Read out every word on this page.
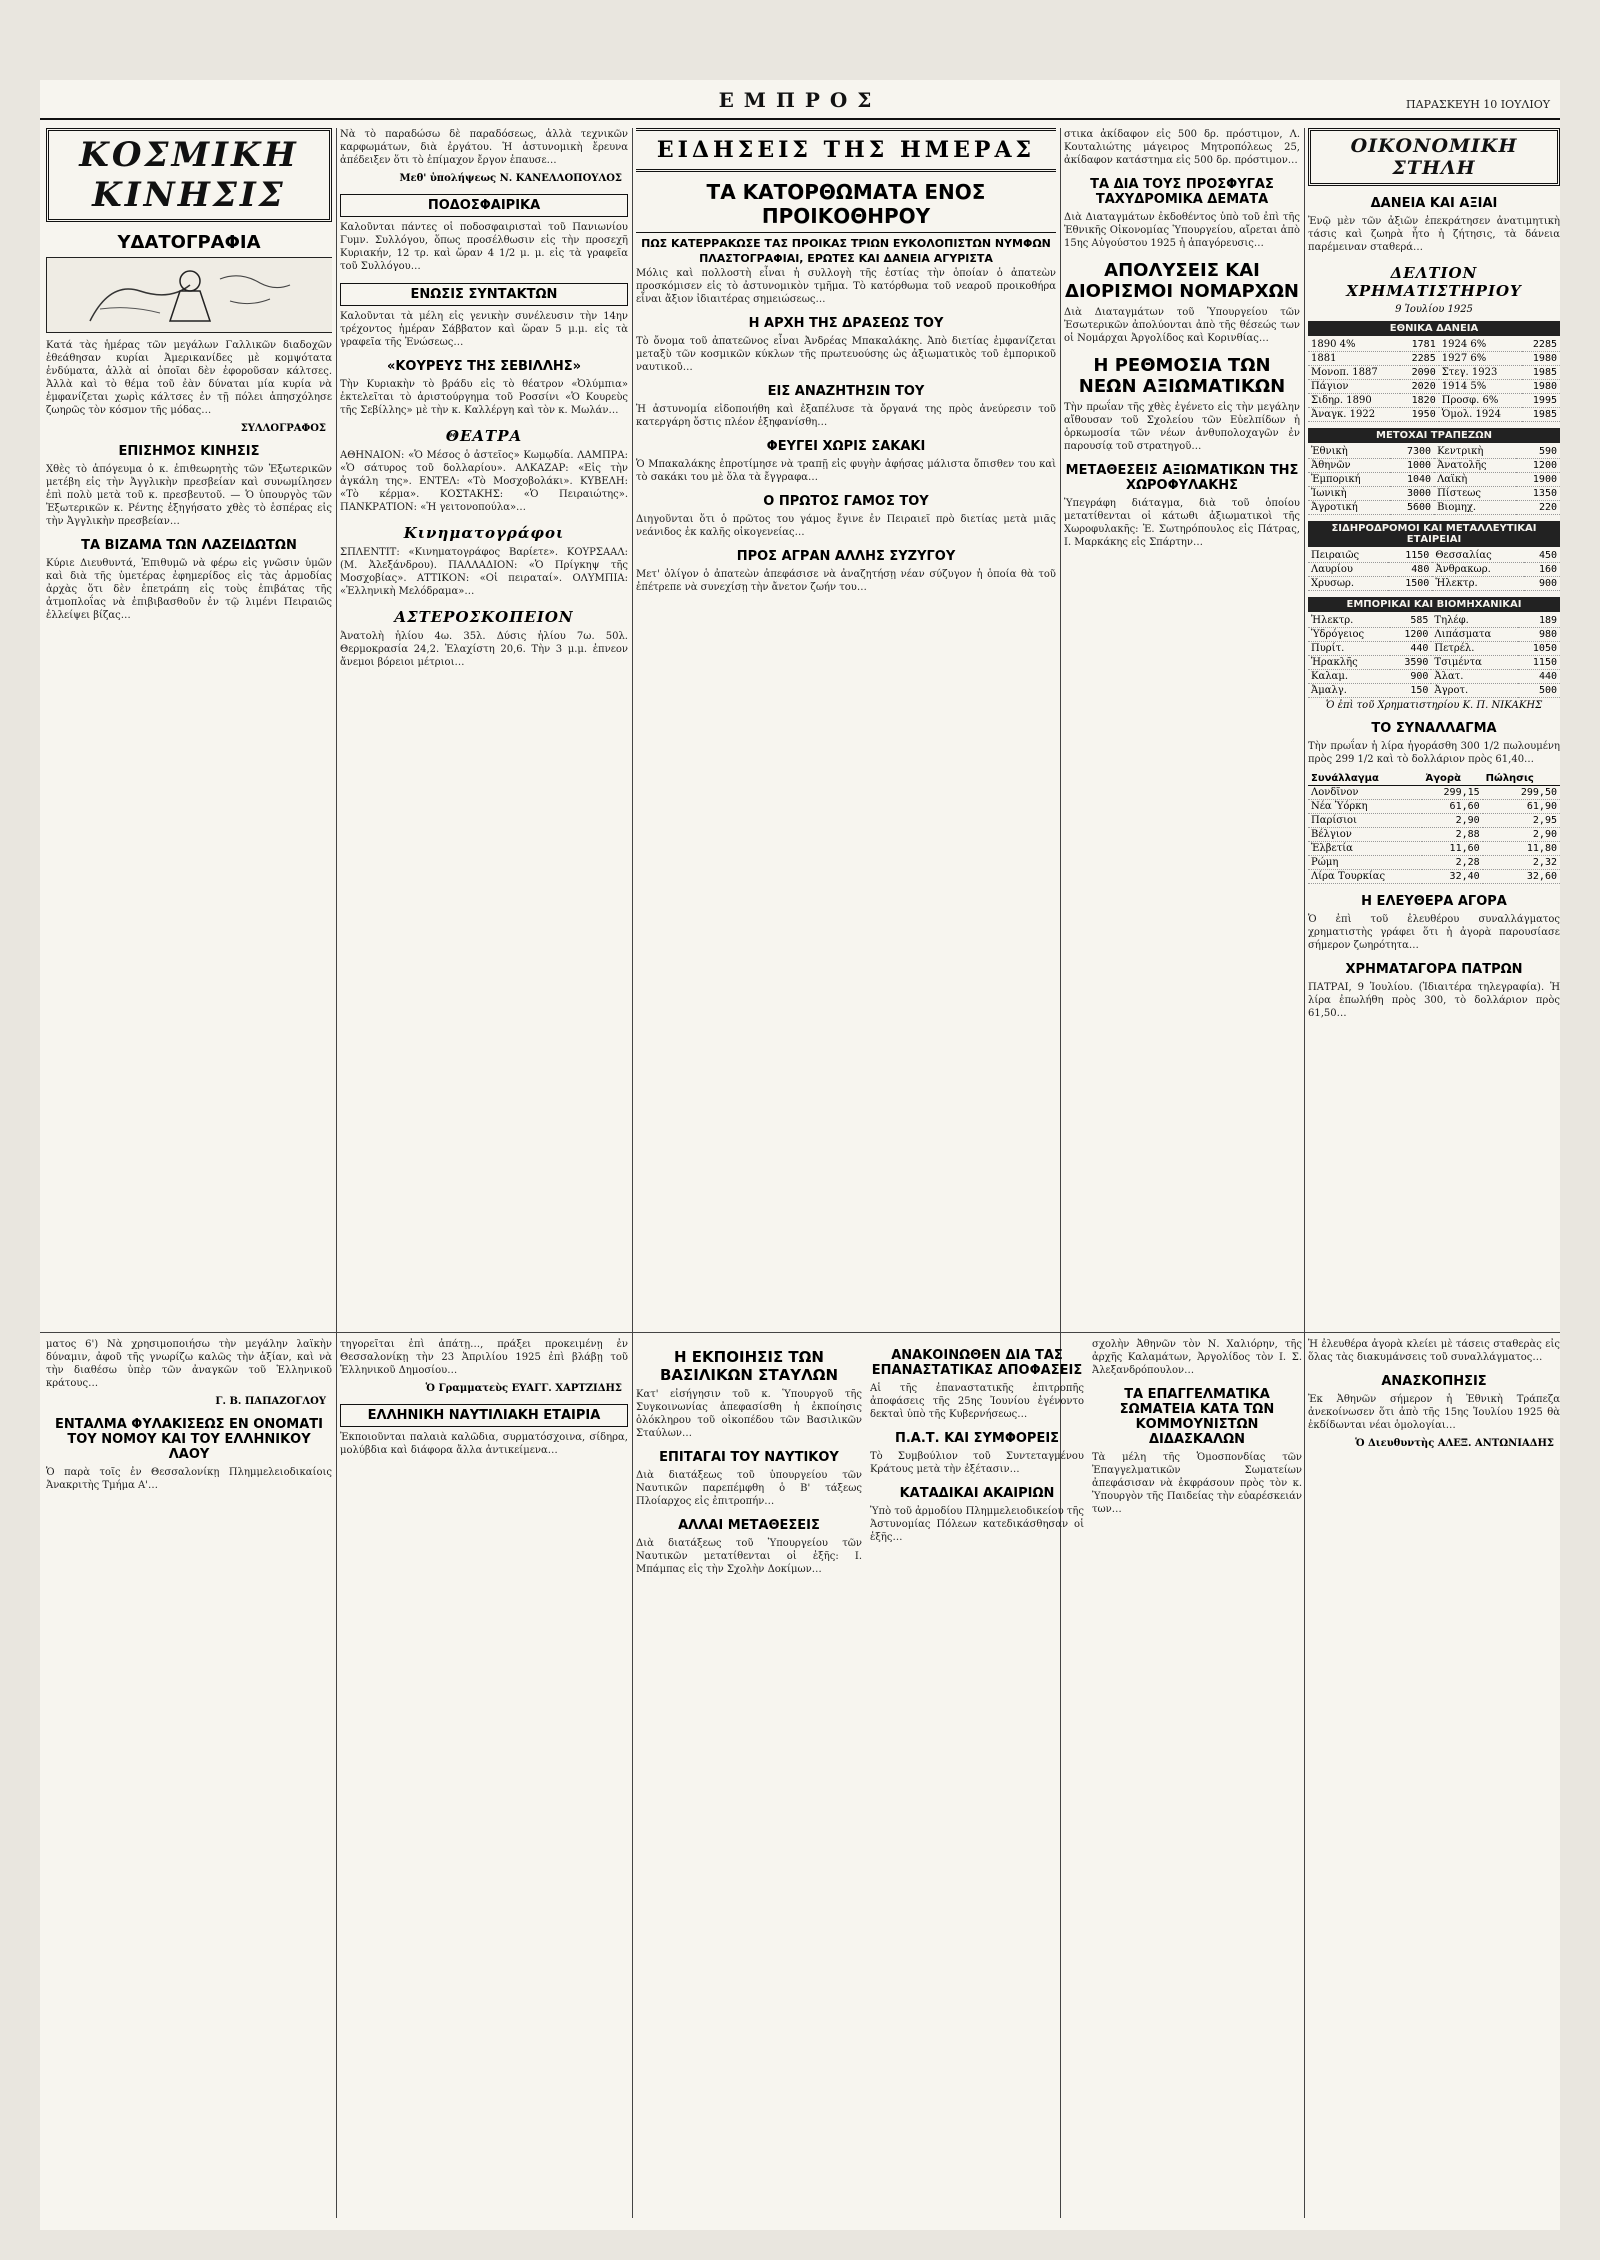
ΕΜΠΡΟΣ	ΠΑΡΑΣΚΕΥΗ 10 ΙΟΥΛΙΟΥ
ΚΟΣΜΙΚΗ ΚΙΝΗΣΙΣ
ΥΔΑΤΟΓΡΑΦΙΑ

Κατά τὰς ἡμέρας τῶν μεγάλων Γαλλικῶν διαδοχῶν ἐθεάθησαν κυρίαι Ἀμερικανίδες μὲ κομψότατα ἐνδύματα, ἀλλὰ αἱ ὁποῖαι δὲν ἐφοροῦσαν κάλτσες. Ἀλλὰ καὶ τὸ θέμα τοῦ ἐὰν δύναται μία κυρία νὰ ἐμφανίζεται χωρὶς κάλτσες ἐν τῇ πόλει ἀπησχόλησε ζωηρῶς τὸν κόσμον τῆς μόδας…

ΣΥΛΛΟΓΡΑΦΟΣ
ΕΠΙΣΗΜΟΣ ΚΙΝΗΣΙΣ

Χθὲς τὸ ἀπόγευμα ὁ κ. ἐπιθεωρητὴς τῶν Ἐξωτερικῶν μετέβη εἰς τὴν Ἀγγλικὴν πρεσβείαν καὶ συνωμίλησεν ἐπὶ πολὺ μετὰ τοῦ κ. πρεσβευτοῦ. — Ὁ ὑπουργὸς τῶν Ἐξωτερικῶν κ. Ρέντης ἐξηγήσατο χθὲς τὸ ἑσπέρας εἰς τὴν Ἀγγλικὴν πρεσβείαν…

ΤΑ ΒΙΖΑΜΑ ΤΩΝ ΛΑΖΕΙΔΩΤΩΝ

Κύριε Διευθυντά, Ἐπιθυμῶ νὰ φέρω εἰς γνῶσιν ὑμῶν καὶ διὰ τῆς ὑμετέρας ἐφημερίδος εἰς τὰς ἁρμοδίας ἀρχὰς ὅτι δὲν ἐπετράπη εἰς τοὺς ἐπιβάτας τῆς ἀτμοπλοΐας νὰ ἐπιβιβασθοῦν ἐν τῷ λιμένι Πειραιῶς ἐλλείψει βίζας…

Νὰ τὸ παραδώσω δὲ παραδόσεως, ἀλλὰ τεχνικῶν καρφωμάτων, διὰ ἐργάτου. Ἡ ἀστυνομικὴ ἔρευνα ἀπέδειξεν ὅτι τὸ ἐπίμαχον ἔργον ἐπαυσε…

Μεθ' ὑπολήψεως Ν. ΚΑΝΕΛΛΟΠΟΥΛΟΣ
ΠΟΔΟΣΦΑΙΡΙΚΑ

Καλοῦνται πάντες οἱ ποδοσφαιρισταὶ τοῦ Πανιωνίου Γυμν. Συλλόγου, ὅπως προσέλθωσιν εἰς τὴν προσεχῆ Κυριακήν, 12 τρ. καὶ ὥραν 4 1/2 μ. μ. εἰς τὰ γραφεῖα τοῦ Συλλόγου…

ΕΝΩΣΙΣ ΣΥΝΤΑΚΤΩΝ

Καλοῦνται τὰ μέλη εἰς γενικὴν συνέλευσιν τὴν 14ην τρέχοντος ἡμέραν Σάββατον καὶ ὥραν 5 μ.μ. εἰς τὰ γραφεῖα τῆς Ἑνώσεως…

«ΚΟΥΡΕΥΣ ΤΗΣ ΣΕΒΙΛΛΗΣ»

Τὴν Κυριακὴν τὸ βράδυ εἰς τὸ θέατρον «Ὀλύμπια» ἐκτελεῖται τὸ ἀριστούργημα τοῦ Ροσσίνι «Ὁ Κουρεὺς τῆς Σεβίλλης» μὲ τὴν κ. Καλλέργη καὶ τὸν κ. Μωλάν…

ΘΕΑΤΡΑ

ΑΘΗΝΑΙΟΝ: «Ὁ Μέσος ὁ ἀστεῖος» Κωμῳδία. ΛΑΜΠΡΑ: «Ὁ σάτυρος τοῦ δολλαρίου». ΑΛΚΑΖΑΡ: «Εἰς τὴν ἀγκάλη της». ΕΝΤΕΛ: «Τὸ Μοσχοβολάκι». ΚΥΒΕΛΗ: «Τὸ κέρμα». ΚΟΣΤΑΚΗΣ: «Ὁ Πειραιώτης». ΠΑΝΚΡΑΤΙΟΝ: «Ἡ γειτονοπούλα»…

Κινηματογράφοι

ΣΠΛΕΝΤΙΤ: «Κινηματογράφος Βαρίετε». ΚΟΥΡΣΑΑΛ: (Μ. Ἀλεξάνδρου). ΠΑΛΛΑΔΙΟΝ: «Ὁ Πρίγκηψ τῆς Μοσχοβίας». ΑΤΤΙΚΟΝ: «Οἱ πειραταί». ΟΛΥΜΠΙΑ: «Ἑλληνικὴ Μελόδραμα»…

ΑΣΤΕΡΟΣΚΟΠΕΙΟΝ

Ἀνατολὴ ἡλίου 4ω. 35λ. Δύσις ἡλίου 7ω. 50λ. Θερμοκρασία 24,2. Ἐλαχίστη 20,6. Τὴν 3 μ.μ. ἐπνεον ἄνεμοι βόρειοι μέτριοι…

ΕΙΔΗΣΕΙΣ ΤΗΣ ΗΜΕΡΑΣ
ΤΑ ΚΑΤΟΡΘΩΜΑΤΑ ΕΝΟΣ ΠΡΟΙΚΟΘΗΡΟΥ
ΠΩΣ ΚΑΤΕΡΡΑΚΩΣΕ ΤΑΣ ΠΡΟΙΚΑΣ ΤΡΙΩΝ ΕΥΚΟΛΟΠΙΣΤΩΝ ΝΥΜΦΩΝ
ΠΛΑΣΤΟΓΡΑΦΙΑΙ, ΕΡΩΤΕΣ ΚΑΙ ΔΑΝΕΙΑ ΑΓΥΡΙΣΤΑ

Μόλις καὶ πολλοστὴ εἶναι ἡ συλλογὴ τῆς ἐστίας τὴν ὁποίαν ὁ ἀπατεὼν προσκόμισεν εἰς τὸ ἀστυνομικὸν τμῆμα. Τὸ κατόρθωμα τοῦ νεαροῦ προικοθήρα εἶναι ἄξιον ἰδιαιτέρας σημειώσεως…

Η ΑΡΧΗ ΤΗΣ ΔΡΑΣΕΩΣ ΤΟΥ

Τὸ ὄνομα τοῦ ἀπατεῶνος εἶναι Ἀνδρέας Μπακαλάκης. Ἀπὸ διετίας ἐμφανίζεται μεταξὺ τῶν κοσμικῶν κύκλων τῆς πρωτευούσης ὡς ἀξιωματικὸς τοῦ ἐμπορικοῦ ναυτικοῦ…

ΕΙΣ ΑΝΑΖΗΤΗΣΙΝ ΤΟΥ

Ἡ ἀστυνομία εἰδοποιήθη καὶ ἐξαπέλυσε τὰ ὄργανά της πρὸς ἀνεύρεσιν τοῦ κατεργάρη ὅστις πλέον ἐξηφανίσθη…

ΦΕΥΓΕΙ ΧΩΡΙΣ ΣΑΚΑΚΙ

Ὁ Μπακαλάκης ἐπροτίμησε νὰ τραπῇ εἰς φυγὴν ἀφήσας μάλιστα ὄπισθεν του καὶ τὸ σακάκι του μὲ ὅλα τὰ ἔγγραφα…

Ο ΠΡΩΤΟΣ ΓΑΜΟΣ ΤΟΥ

Διηγοῦνται ὅτι ὁ πρῶτος του γάμος ἔγινε ἐν Πειραιεῖ πρὸ διετίας μετὰ μιᾶς νεάνιδος ἐκ καλῆς οἰκογενείας…

ΠΡΟΣ ΑΓΡΑΝ ΑΛΛΗΣ ΣΥΖΥΓΟΥ

Μετ' ὀλίγον ὁ ἀπατεὼν ἀπεφάσισε νὰ ἀναζητήσῃ νέαν σύζυγον ἡ ὁποία θὰ τοῦ ἐπέτρεπε νὰ συνεχίσῃ τὴν ἄνετον ζωήν του…

στικα ἀκίδαφον εἰς 500 δρ. πρόστιμον, Λ. Κουταλιώτης μάγειρος Μητροπόλεως 25, ἀκίδαφον κατάστημα εἰς 500 δρ. πρόστιμον…

ΤΑ ΔΙΑ ΤΟΥΣ ΠΡΟΣΦΥΓΑΣ ΤΑΧΥΔΡΟΜΙΚΑ ΔΕΜΑΤΑ

Διὰ Διαταγμάτων ἐκδοθέντος ὑπὸ τοῦ ἐπὶ τῆς Ἐθνικῆς Οἰκονομίας Ὑπουργείου, αἴρεται ἀπὸ 15ης Αὐγούστου 1925 ἡ ἀπαγόρευσις…

ΑΠΟΛΥΣΕΙΣ ΚΑΙ ΔΙΟΡΙΣΜΟΙ ΝΟΜΑΡΧΩΝ

Διὰ Διαταγμάτων τοῦ Ὑπουργείου τῶν Ἐσωτερικῶν ἀπολύονται ἀπὸ τῆς θέσεώς των οἱ Νομάρχαι Ἀργολίδος καὶ Κορινθίας…

Η ΡΕΘΜΟΣΙΑ ΤΩΝ ΝΕΩΝ ΑΞΙΩΜΑΤΙΚΩΝ

Τὴν πρωΐαν τῆς χθὲς ἐγένετο εἰς τὴν μεγάλην αἴθουσαν τοῦ Σχολείου τῶν Εὐελπίδων ἡ ὁρκωμοσία τῶν νέων ἀνθυπολοχαγῶν ἐν παρουσίᾳ τοῦ στρατηγοῦ…

ΜΕΤΑΘΕΣΕΙΣ ΑΞΙΩΜΑΤΙΚΩΝ ΤΗΣ ΧΩΡΟΦΥΛΑΚΗΣ

Ὑπεγράφη διάταγμα, διὰ τοῦ ὁποίου μετατίθενται οἱ κάτωθι ἀξιωματικοὶ τῆς Χωροφυλακῆς: Ἐ. Σωτηρόπουλος εἰς Πάτρας, Ι. Μαρκάκης εἰς Σπάρτην…

ΟΙΚΟΝΟΜΙΚΗ ΣΤΗΛΗ
ΔΑΝΕΙΑ ΚΑΙ ΑΞΙΑΙ

Ἐνῷ μὲν τῶν ἀξιῶν ἐπεκράτησεν ἀνατιμητικὴ τάσις καὶ ζωηρὰ ἦτο ἡ ζήτησις, τὰ δάνεια παρέμειναν σταθερά…

ΔΕΛΤΙΟΝ ΧΡΗΜΑΤΙΣΤΗΡΙΟΥ
9 Ἰουλίου 1925
ΕΘΝΙΚΑ ΔΑΝΕΙΑ
1890 4%	1781	1924 6%	2285
1881	2285	1927 6%	1980
Μονοπ. 1887	2090	Στεγ. 1923	1985
Πάγιον	2020	1914 5%	1980
Σιδηρ. 1890	1820	Προσφ. 6%	1995
Ἀναγκ. 1922	1950	Ὁμολ. 1924	1985
ΜΕΤΟΧΑΙ ΤΡΑΠΕΖΩΝ
Ἐθνικὴ	7300	Κεντρικὴ	590
Ἀθηνῶν	1000	Ἀνατολῆς	1200
Ἐμπορική	1040	Λαϊκὴ	1900
Ἰωνικὴ	3000	Πίστεως	1350
Ἀγροτική	5600	Βιομηχ.	220
ΣΙΔΗΡΟΔΡΟΜΟΙ ΚΑΙ ΜΕΤΑΛΛΕΥΤΙΚΑΙ ΕΤΑΙΡΕΙΑΙ
Πειραιῶς	1150	Θεσσαλίας	450
Λαυρίου	480	Ἀνθρακωρ.	160
Χρυσωρ.	1500	Ἡλεκτρ.	900
ΕΜΠΟΡΙΚΑΙ ΚΑΙ ΒΙΟΜΗΧΑΝΙΚΑΙ
Ἠλεκτρ.	585	Τηλέφ.	189
Ὑδρόγειος	1200	Λιπάσματα	980
Πυρίτ.	440	Πετρέλ.	1050
Ἡρακλῆς	3590	Τσιμέντα	1150
Καλαμ.	900	Ἀλατ.	440
Ἀμαλγ.	150	Ἀγροτ.	500
Ὁ ἐπὶ τοῦ Χρηματιστηρίου Κ. Π. ΝΙΚΑΚΗΣ
ΤΟ ΣΥΝΑΛΛΑΓΜΑ

Τὴν πρωΐαν ἡ λίρα ἠγοράσθη 300 1/2 πωλουμένη πρὸς 299 1/2 καὶ τὸ δολλάριον πρὸς 61,40…

Συνάλλαγμα	Ἀγορὰ	Πώλησις
Λονδῖνον	299,15	299,50
Νέα Ὑόρκη	61,60	61,90
Παρίσιοι	2,90	2,95
Βέλγιον	2,88	2,90
Ἑλβετία	11,60	11,80
Ρώμη	2,28	2,32
Λίρα Τουρκίας	32,40	32,60
Η ΕΛΕΥΘΕΡΑ ΑΓΟΡΑ

Ὁ ἐπὶ τοῦ ἐλευθέρου συναλλάγματος χρηματιστὴς γράφει ὅτι ἡ ἀγορὰ παρουσίασε σήμερον ζωηρότητα…

ΧΡΗΜΑΤΑΓΟΡΑ ΠΑΤΡΩΝ

ΠΑΤΡΑΙ, 9 Ἰουλίου. (Ἰδιαιτέρα τηλεγραφία). Ἡ λίρα ἐπωλήθη πρὸς 300, τὸ δολλάριον πρὸς 61,50…

ματος 6') Νὰ χρησιμοποιήσω τὴν μεγάλην λαϊκὴν δύναμιν, ἀφοῦ τῆς γνωρίζω καλῶς τὴν ἀξίαν, καὶ νὰ τὴν διαθέσω ὑπὲρ τῶν ἀναγκῶν τοῦ Ἑλληνικοῦ κράτους…

Γ. Β. ΠΑΠΑΖΟΓΛΟΥ
ΕΝΤΑΛΜΑ ΦΥΛΑΚΙΣΕΩΣ ΕΝ ΟΝΟΜΑΤΙ ΤΟΥ ΝΟΜΟΥ ΚΑΙ ΤΟΥ ΕΛΛΗΝΙΚΟΥ ΛΑΟΥ

Ὁ παρὰ τοῖς ἐν Θεσσαλονίκῃ Πλημμελειοδικαίοις Ἀνακριτὴς Τμήμα Α'…

τηγορεῖται ἐπὶ ἀπάτῃ…, πράξει προκειμένῃ ἐν Θεσσαλονίκῃ τὴν 23 Ἀπριλίου 1925 ἐπὶ βλάβῃ τοῦ Ἑλληνικοῦ Δημοσίου…

Ὁ Γραμματεὺς ΕΥΑΓΓ. ΧΑΡΤΖΙΔΗΣ
ΕΛΛΗΝΙΚΗ ΝΑΥΤΙΛΙΑΚΗ ΕΤΑΙΡΙΑ

Ἐκποιοῦνται παλαιὰ καλῶδια, συρματόσχοινα, σίδηρα, μολύβδια καὶ διάφορα ἄλλα ἀντικείμενα…

Η ΕΚΠΟΙΗΣΙΣ ΤΩΝ ΒΑΣΙΛΙΚΩΝ ΣΤΑΥΛΩΝ

Κατ' εἰσήγησιν τοῦ κ. Ὑπουργοῦ τῆς Συγκοινωνίας ἀπεφασίσθη ἡ ἐκποίησις ὁλόκληρου τοῦ οἰκοπέδου τῶν Βασιλικῶν Σταύλων…

ΕΠΙΤΑΓΑΙ ΤΟΥ ΝΑΥΤΙΚΟΥ

Διὰ διατάξεως τοῦ ὑπουργείου τῶν Ναυτικῶν παρεπέμφθη ὁ Β' τάξεως Πλοίαρχος εἰς ἐπιτροπήν…

ΑΛΛΑΙ ΜΕΤΑΘΕΣΕΙΣ

Διὰ διατάξεως τοῦ Ὑπουργείου τῶν Ναυτικῶν μετατίθενται οἱ ἑξῆς: Ι. Μπάμπας εἰς τὴν Σχολὴν Δοκίμων…

ΑΝΑΚΟΙΝΩΘΕΝ ΔΙΑ ΤΑΣ ΕΠΑΝΑΣΤΑΤΙΚΑΣ ΑΠΟΦΑΣΕΙΣ

Αἱ τῆς ἐπαναστατικῆς ἐπιτροπῆς ἀποφάσεις τῆς 25ης Ἰουνίου ἐγένοντο δεκταὶ ὑπὸ τῆς Κυβερνήσεως…

Π.Α.Τ. ΚΑΙ ΣΥΜΦΟΡΕΙΣ

Τὸ Συμβούλιον τοῦ Συντεταγμένου Κράτους μετὰ τὴν ἐξέτασιν…

ΚΑΤΑΔΙΚΑΙ ΑΚΑΙΡΙΩΝ

Ὑπὸ τοῦ ἀρμοδίου Πλημμελειοδικείου τῆς Ἀστυνομίας Πόλεων κατεδικάσθησαν οἱ ἑξῆς…

σχολὴν Ἀθηνῶν τὸν Ν. Χαλιόρην, τῆς ἀρχῆς Καλαμάτων, Ἀργολίδος τὸν Ι. Σ. Ἀλεξανδρόπουλον…

ΤΑ ΕΠΑΓΓΕΛΜΑΤΙΚΑ ΣΩΜΑΤΕΙΑ ΚΑΤΑ ΤΩΝ ΚΟΜΜΟΥΝΙΣΤΩΝ ΔΙΔΑΣΚΑΛΩΝ

Τὰ μέλη τῆς Ὁμοσπονδίας τῶν Ἐπαγγελματικῶν Σωματείων ἀπεφάσισαν νὰ ἐκφράσουν πρὸς τὸν κ. Ὑπουργὸν τῆς Παιδείας τὴν εὐαρέσκειάν των…

Ἡ ἐλευθέρα ἀγορὰ κλείει μὲ τάσεις σταθερὰς εἰς ὅλας τὰς διακυμάνσεις τοῦ συναλλάγματος…

ΑΝΑΣΚΟΠΗΣΙΣ

Ἐκ Ἀθηνῶν σήμερον ἡ Ἐθνικὴ Τράπεζα ἀνεκοίνωσεν ὅτι ἀπὸ τῆς 15ης Ἰουλίου 1925 θὰ ἐκδίδωνται νέαι ὁμολογίαι…

Ὁ Διευθυντὴς ΑΛΕΞ. ΑΝΤΩΝΙΑΔΗΣ
